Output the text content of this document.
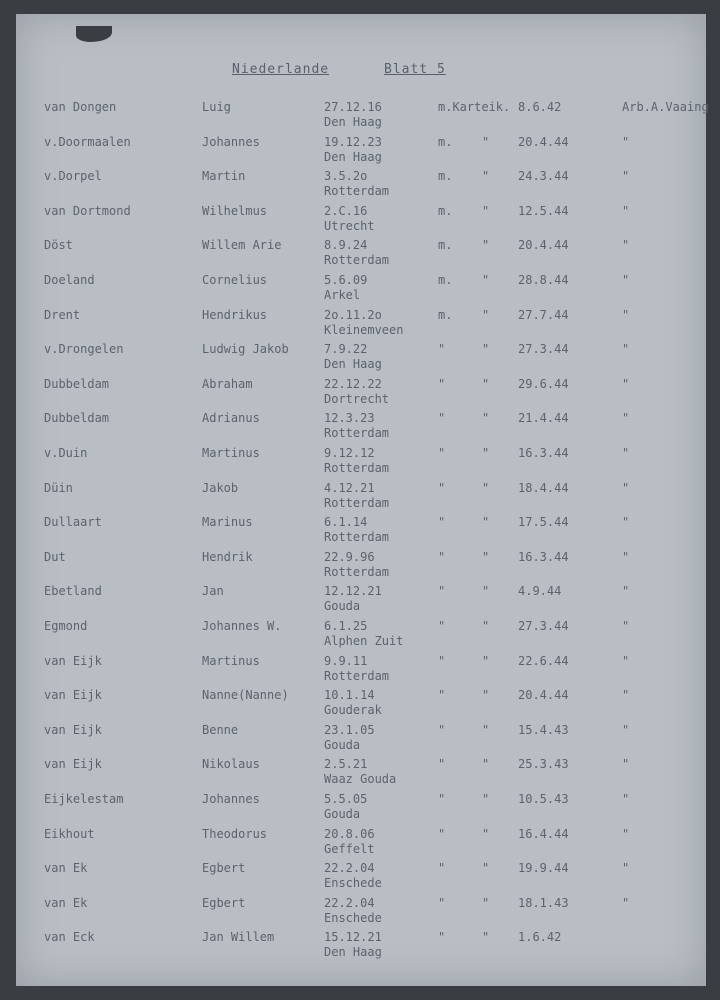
Niederlande	Blatt 5
van Dongen	Luig	27.12.16
Den Haag
m.Karteik. 8.6.42	Arb.A.Vaaing
v.Doormaalen	Johannes	19.12.23
Den Haag
m. " 20.4.44	"
v.Dorpel	Martin	3.5.2o
Rotterdam
m. " 24.3.44	"
van Dortmond	Wilhelmus	2.C.16
Utrecht
m. " 12.5.44	"
Döst	Willem Arie	8.9.24
Rotterdam
m. " 20.4.44	"
Doeland	Cornelius	5.6.09
Arkel
m. " 28.8.44	"
Drent	Hendrikus	2o.11.2o
Kleinemveen
m. " 27.7.44	"
v.Drongelen	Ludwig Jakob	7.9.22
Den Haag
"	" 27.3.44	"
Dubbeldam	Abraham	22.12.22
Dortrecht
"	" 29.6.44	"
Dubbeldam	Adrianus	12.3.23
Rotterdam
"	" 21.4.44	"
v.Duin	Martinus	9.12.12
Rotterdam
"	" 16.3.44	"
Düin	Jakob	4.12.21
Rotterdam
"	" 18.4.44	"
Dullaart	Marinus	6.1.14
Rotterdam
"	" 17.5.44	"
Dut	Hendrik	22.9.96
Rotterdam
"	" 16.3.44	"
Ebetland	Jan	12.12.21
Gouda
"	" 4.9.44	"
Egmond	Johannes W.	6.1.25
Alphen Zuit
"	" 27.3.44	"
van Eijk	Martinus	9.9.11
Rotterdam
"	" 22.6.44	"
van Eijk	Nanne(Nanne)	10.1.14
Gouderak
"	" 20.4.44	"
van Eijk	Benne	23.1.05
Gouda
"	" 15.4.43	"
van Eijk	Nikolaus	2.5.21
Waaz Gouda
"	" 25.3.43	"
Eijkelestam	Johannes	5.5.05
Gouda
"	" 10.5.43	"
Eikhout	Theodorus	20.8.06
Geffelt
"	" 16.4.44	"
van Ek	Egbert	22.2.04
Enschede
"	" 19.9.44	"
van Ek	Egbert	22.2.04
Enschede
"	" 18.1.43	"
van Eck	Jan Willem	15.12.21
Den Haag
"	" 1.6.42
